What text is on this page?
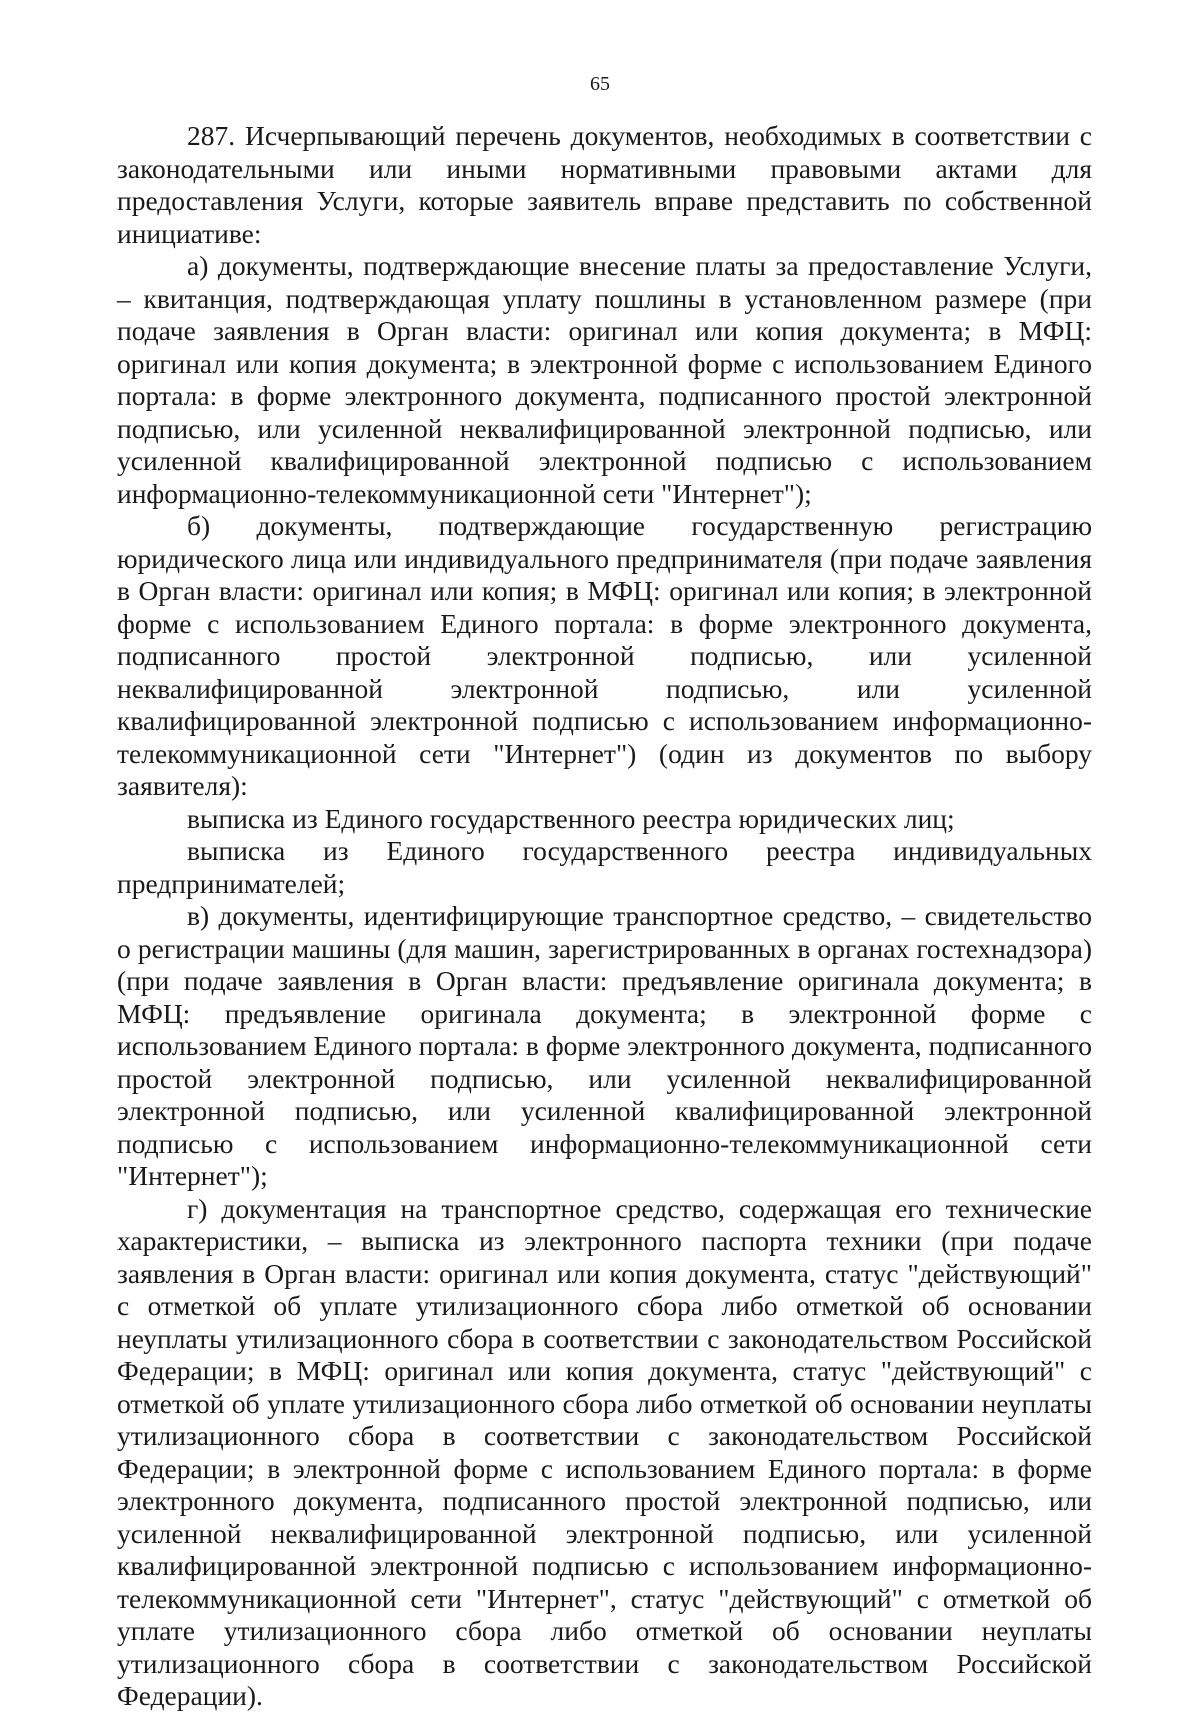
65

287. Исчерпывающий перечень документов, необходимых в соответствии с законодательными или иными нормативными правовыми актами для предоставления Услуги, которые заявитель вправе представить по собственной инициативе:

а) документы, подтверждающие внесение платы за предоставление Услуги, – квитанция, подтверждающая уплату пошлины в установленном размере (при подаче заявления в Орган власти: оригинал или копия документа; в МФЦ: оригинал или копия документа; в электронной форме с использованием Единого портала: в форме электронного документа, подписанного простой электронной подписью, или усиленной неквалифицированной электронной подписью, или усиленной квалифицированной электронной подписью с использованием информационно-телекоммуникационной сети "Интернет");

б) документы, подтверждающие государственную регистрацию юридического лица или индивидуального предпринимателя (при подаче заявления в Орган власти: оригинал или копия; в МФЦ: оригинал или копия; в электронной форме с использованием Единого портала: в форме электронного документа, подписанного простой электронной подписью, или усиленной неквалифицированной электронной подписью, или усиленной квалифицированной электронной подписью с использованием информационно-телекоммуникационной сети "Интернет") (один из документов по выбору заявителя):

выписка из Единого государственного реестра юридических лиц;

выписка из Единого государственного реестра индивидуальных предпринимателей;

в) документы, идентифицирующие транспортное средство, – свидетельство о регистрации машины (для машин, зарегистрированных в органах гостехнадзора) (при подаче заявления в Орган власти: предъявление оригинала документа; в МФЦ: предъявление оригинала документа; в электронной форме с использованием Единого портала: в форме электронного документа, подписанного простой электронной подписью, или усиленной неквалифицированной электронной подписью, или усиленной квалифицированной электронной подписью с использованием информационно-телекоммуникационной сети "Интернет");

г) документация на транспортное средство, содержащая его технические характеристики, – выписка из электронного паспорта техники (при подаче заявления в Орган власти: оригинал или копия документа, статус "действующий" с отметкой об уплате утилизационного сбора либо отметкой об основании неуплаты утилизационного сбора в соответствии с законодательством Российской Федерации; в МФЦ: оригинал или копия документа, статус "действующий" с отметкой об уплате утилизационного сбора либо отметкой об основании неуплаты утилизационного сбора в соответствии с законодательством Российской Федерации; в электронной форме с использованием Единого портала: в форме электронного документа, подписанного простой электронной подписью, или усиленной неквалифицированной электронной подписью, или усиленной квалифицированной электронной подписью с использованием информационно-телекоммуникационной сети "Интернет", статус "действующий" с отметкой об уплате утилизационного сбора либо отметкой об основании неуплаты утилизационного сбора в соответствии с законодательством Российской Федерации).
